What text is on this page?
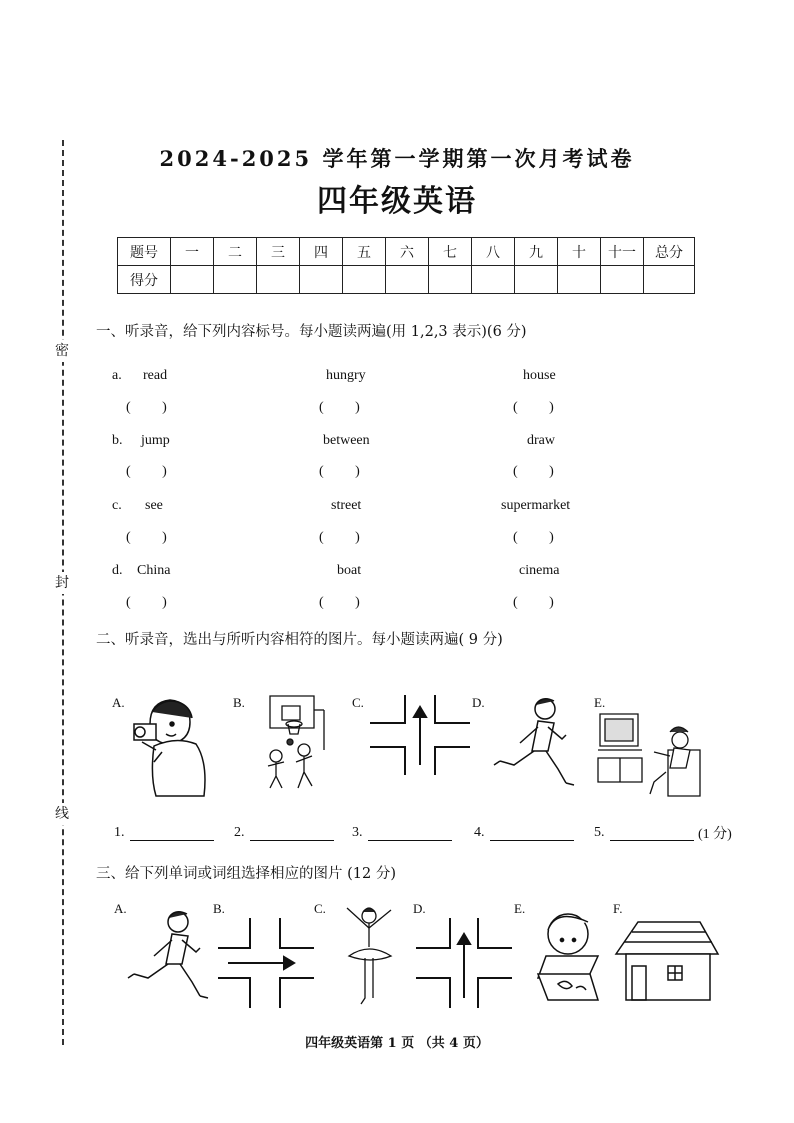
密
封
线
2024-2025 学年第一学期第一次月考试卷
四年级英语
题号	一	二	三	四	五	六	七	八	九	十	十一	总分
得分												
一、听录音，给下列内容标号。每小题读两遍(用 1,2,3 表示)(6 分)
a. read	hungry	house
(         )	(         )	(         )
b. jump	between	draw
(         )	(         )	(         )
c. see	street	supermarket
(         )	(         )	(         )
d. China	boat	cinema
(         )	(         )	(         )
二、听录音，选出与所听内容相符的图片。每小题读两遍( 9 分)
A.	B.	C.	D.	E.
1.	2.	3.	4.	5.	(1 分)
三、给下列单词或词组选择相应的图片 (12 分)
A.	B.	C.	D.	E.	F.
四年级英语第 1 页 （共 4 页）
